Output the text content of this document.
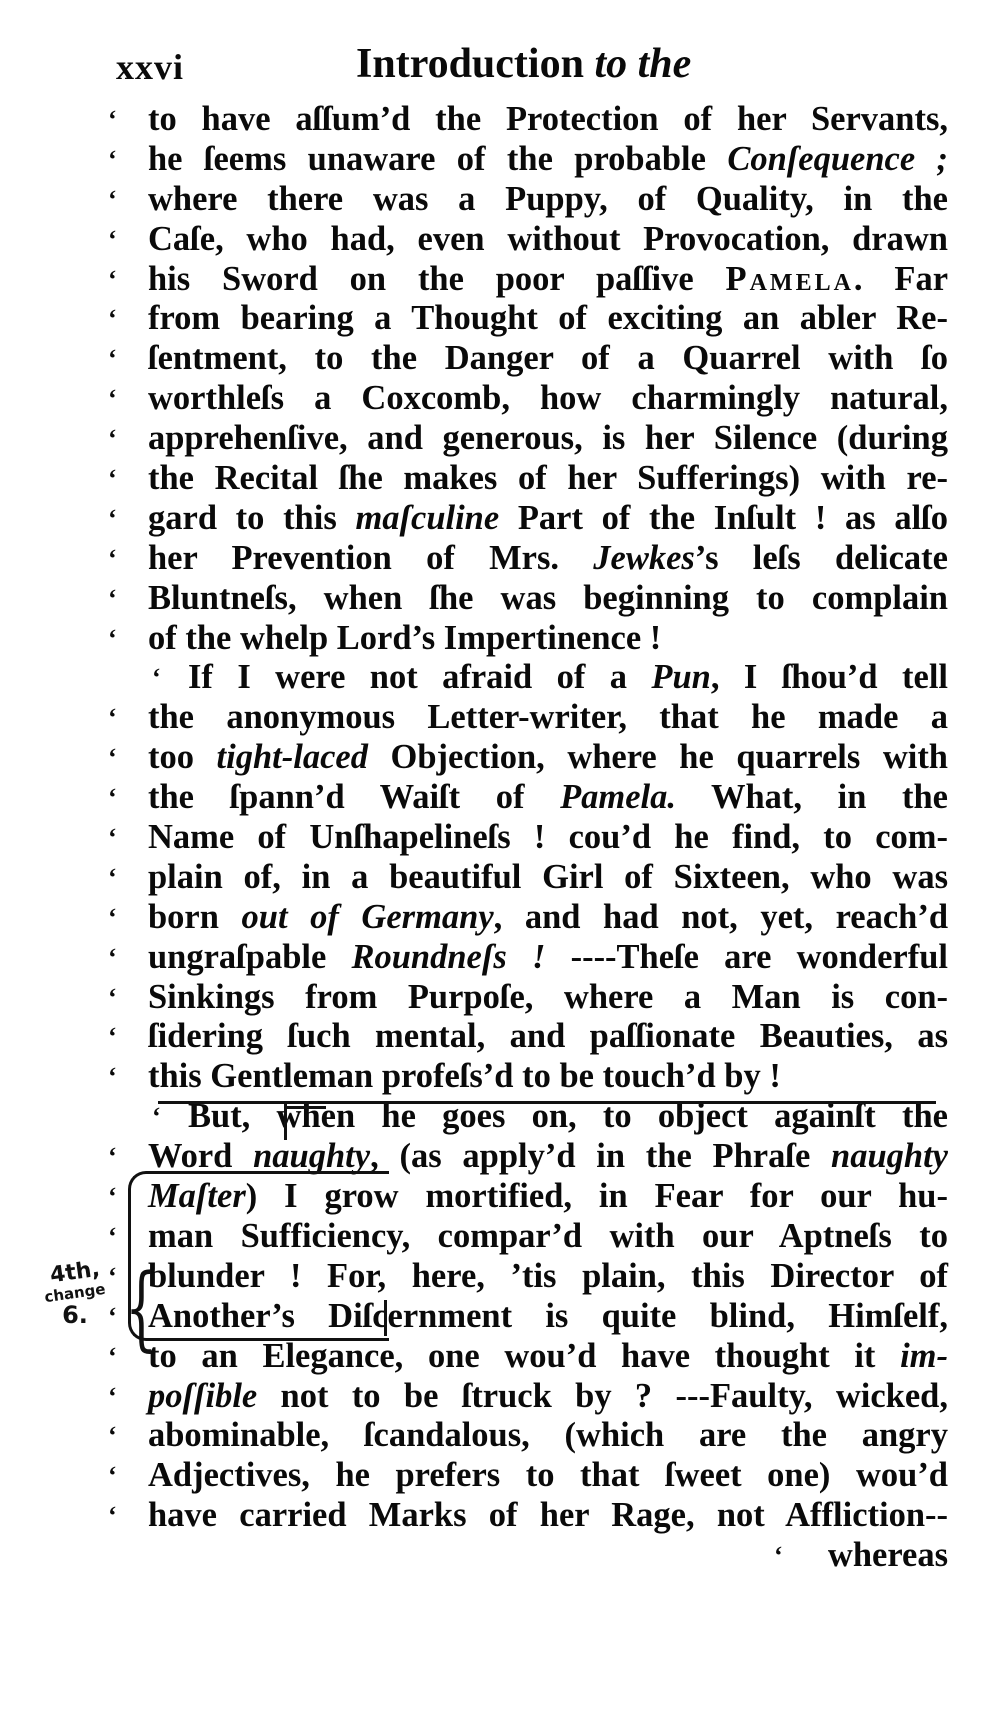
xxvi	Introduction to the
‘ to have aſſum’d the Protection of her Servants,
‘ he ſeems unaware of the probable Conſequence ;
‘ where there was a Puppy, of Quality, in the
‘ Caſe, who had, even without Provocation, drawn
‘ his Sword on the poor paſſive Pamela. Far
‘ from bearing a Thought of exciting an abler Re-
‘ ſentment, to the Danger of a Quarrel with ſo
‘ worthleſs a Coxcomb, how charmingly natural,
‘ apprehenſive, and generous, is her Silence (during
‘ the Recital ſhe makes of her Sufferings) with re-
‘ gard to this maſculine Part of the Inſult ! as alſo
‘ her Prevention of Mrs. Jewkes’s leſs delicate
‘ Bluntneſs, when ſhe was beginning to complain
‘ of the whelp Lord’s Impertinence !
‘ If I were not afraid of a Pun, I ſhou’d tell
‘ the anonymous Letter-writer, that he made a
‘ too tight-laced Objection, where he quarrels with
‘ the ſpann’d Waiſt of Pamela. What, in the
‘ Name of Unſhapelineſs ! cou’d he find, to com-
‘ plain of, in a beautiful Girl of Sixteen, who was
‘ born out of Germany, and had not, yet, reach’d
‘ ungraſpable Roundneſs ! ----Theſe are wonderful
‘ Sinkings from Purpoſe, where a Man is con-
‘ ſidering ſuch mental, and paſſionate Beauties, as
‘ this Gentleman profeſs’d to be touch’d by !
‘ But, when he goes on, to object againſt the
‘ Word naughty, (as apply’d in the Phraſe naughty
‘ Maſter) I grow mortified, in Fear for our hu-
‘ man Sufficiency, compar’d with our Aptneſs to
‘ blunder ! For, here, ’tis plain, this Director of
‘ Another’s Diſcernment is quite blind, Himſelf,
‘ to an Elegance, one wou’d have thought it im-
‘ poſſible not to be ſtruck by ? ---Faulty, wicked,
‘ abominable, ſcandalous, (which are the angry
‘ Adjectives, he prefers to that ſweet one) wou’d
‘ have carried Marks of her Rage, not Affliction--
‘	whereas
{
4th,
change
6.
